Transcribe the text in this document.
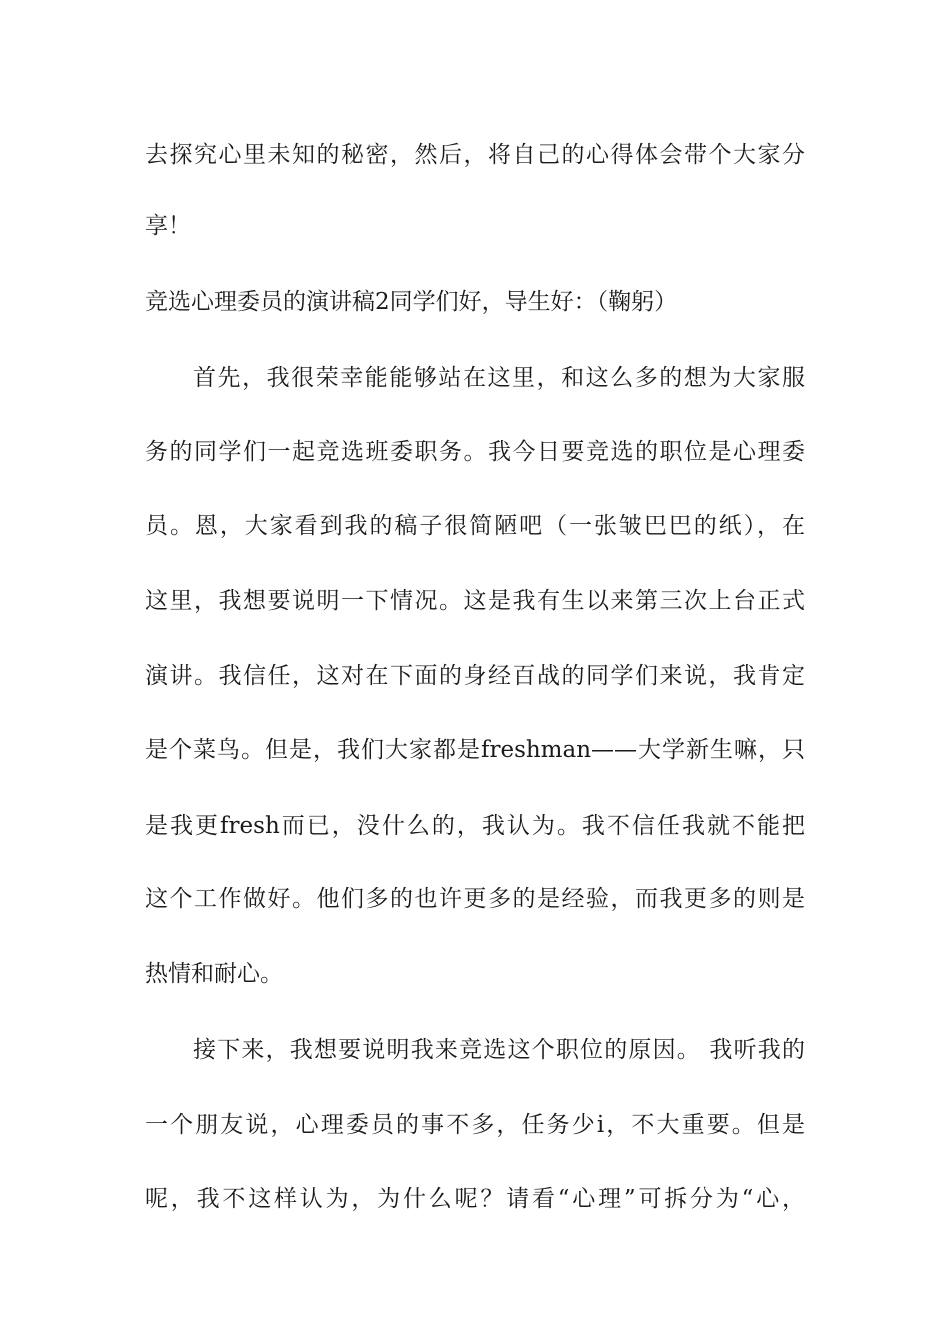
去探究心里未知的秘密，然后，将自己的心得体会带个大家分

享！

竞选心理委员的演讲稿2同学们好，导生好：（鞠躬）

首先，我很荣幸能能够站在这里，和这么多的想为大家服

务的同学们一起竞选班委职务。我今日要竞选的职位是心理委

员。恩，大家看到我的稿子很简陋吧（一张皱巴巴的纸），在

这里，我想要说明一下情况。这是我有生以来第三次上台正式

演讲。我信任，这对在下面的身经百战的同学们来说，我肯定

是个菜鸟。但是，我们大家都是freshman——大学新生嘛，只

是我更fresh而已，没什么的，我认为。我不信任我就不能把

这个工作做好。他们多的也许更多的是经验，而我更多的则是

热情和耐心。

接下来，我想要说明我来竞选这个职位的原因。 我听我的

一个朋友说，心理委员的事不多，任务少i，不大重要。但是

呢，我不这样认为，为什么呢？请看“心理”可拆分为“心，
